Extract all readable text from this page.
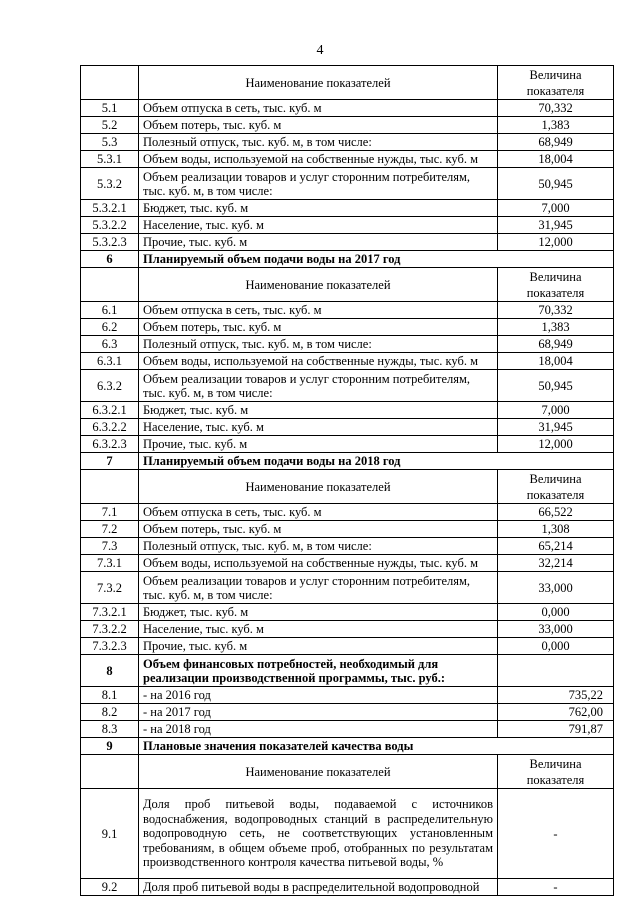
4
	Наименование показателей	Величина показателя
5.1	Объем отпуска в сеть, тыс. куб. м	70,332
5.2	Объем потерь, тыс. куб. м	1,383
5.3	Полезный отпуск, тыс. куб. м, в том числе:	68,949
5.3.1	Объем воды, используемой на собственные нужды, тыс. куб. м	18,004
5.3.2	Объем реализации товаров и услуг сторонним потребителям, тыс. куб. м, в том числе:	50,945
5.3.2.1	Бюджет, тыс. куб. м	7,000
5.3.2.2	Население, тыс. куб. м	31,945
5.3.2.3	Прочие, тыс. куб. м	12,000
6	Планируемый объем подачи воды на 2017 год	
	Наименование показателей	Величина показателя
6.1	Объем отпуска в сеть, тыс. куб. м	70,332
6.2	Объем потерь, тыс. куб. м	1,383
6.3	Полезный отпуск, тыс. куб. м, в том числе:	68,949
6.3.1	Объем воды, используемой на собственные нужды, тыс. куб. м	18,004
6.3.2	Объем реализации товаров и услуг сторонним потребителям, тыс. куб. м, в том числе:	50,945
6.3.2.1	Бюджет, тыс. куб. м	7,000
6.3.2.2	Население, тыс. куб. м	31,945
6.3.2.3	Прочие, тыс. куб. м	12,000
7	Планируемый объем подачи воды на 2018 год	
	Наименование показателей	Величина показателя
7.1	Объем отпуска в сеть, тыс. куб. м	66,522
7.2	Объем потерь, тыс. куб. м	1,308
7.3	Полезный отпуск, тыс. куб. м, в том числе:	65,214
7.3.1	Объем воды, используемой на собственные нужды, тыс. куб. м	32,214
7.3.2	Объем реализации товаров и услуг сторонним потребителям, тыс. куб. м, в том числе:	33,000
7.3.2.1	Бюджет, тыс. куб. м	0,000
7.3.2.2	Население, тыс. куб. м	33,000
7.3.2.3	Прочие, тыс. куб. м	0,000
8	Объем финансовых потребностей, необходимый для реализации производственной программы, тыс. руб.:	
8.1	- на 2016 год	735,22
8.2	- на 2017 год	762,00
8.3	- на 2018 год	791,87
9	Плановые значения показателей качества воды	
	Наименование показателей	Величина показателя
9.1	Доля проб питьевой воды, подаваемой с источников водоснабжения, водопроводных станций в распределительную водопроводную сеть, не соответствующих установленным требованиям, в общем объеме проб, отобранных по результатам производственного контроля качества питьевой воды, %	-
9.2	Доля проб питьевой воды в распределительной водопроводной	-
